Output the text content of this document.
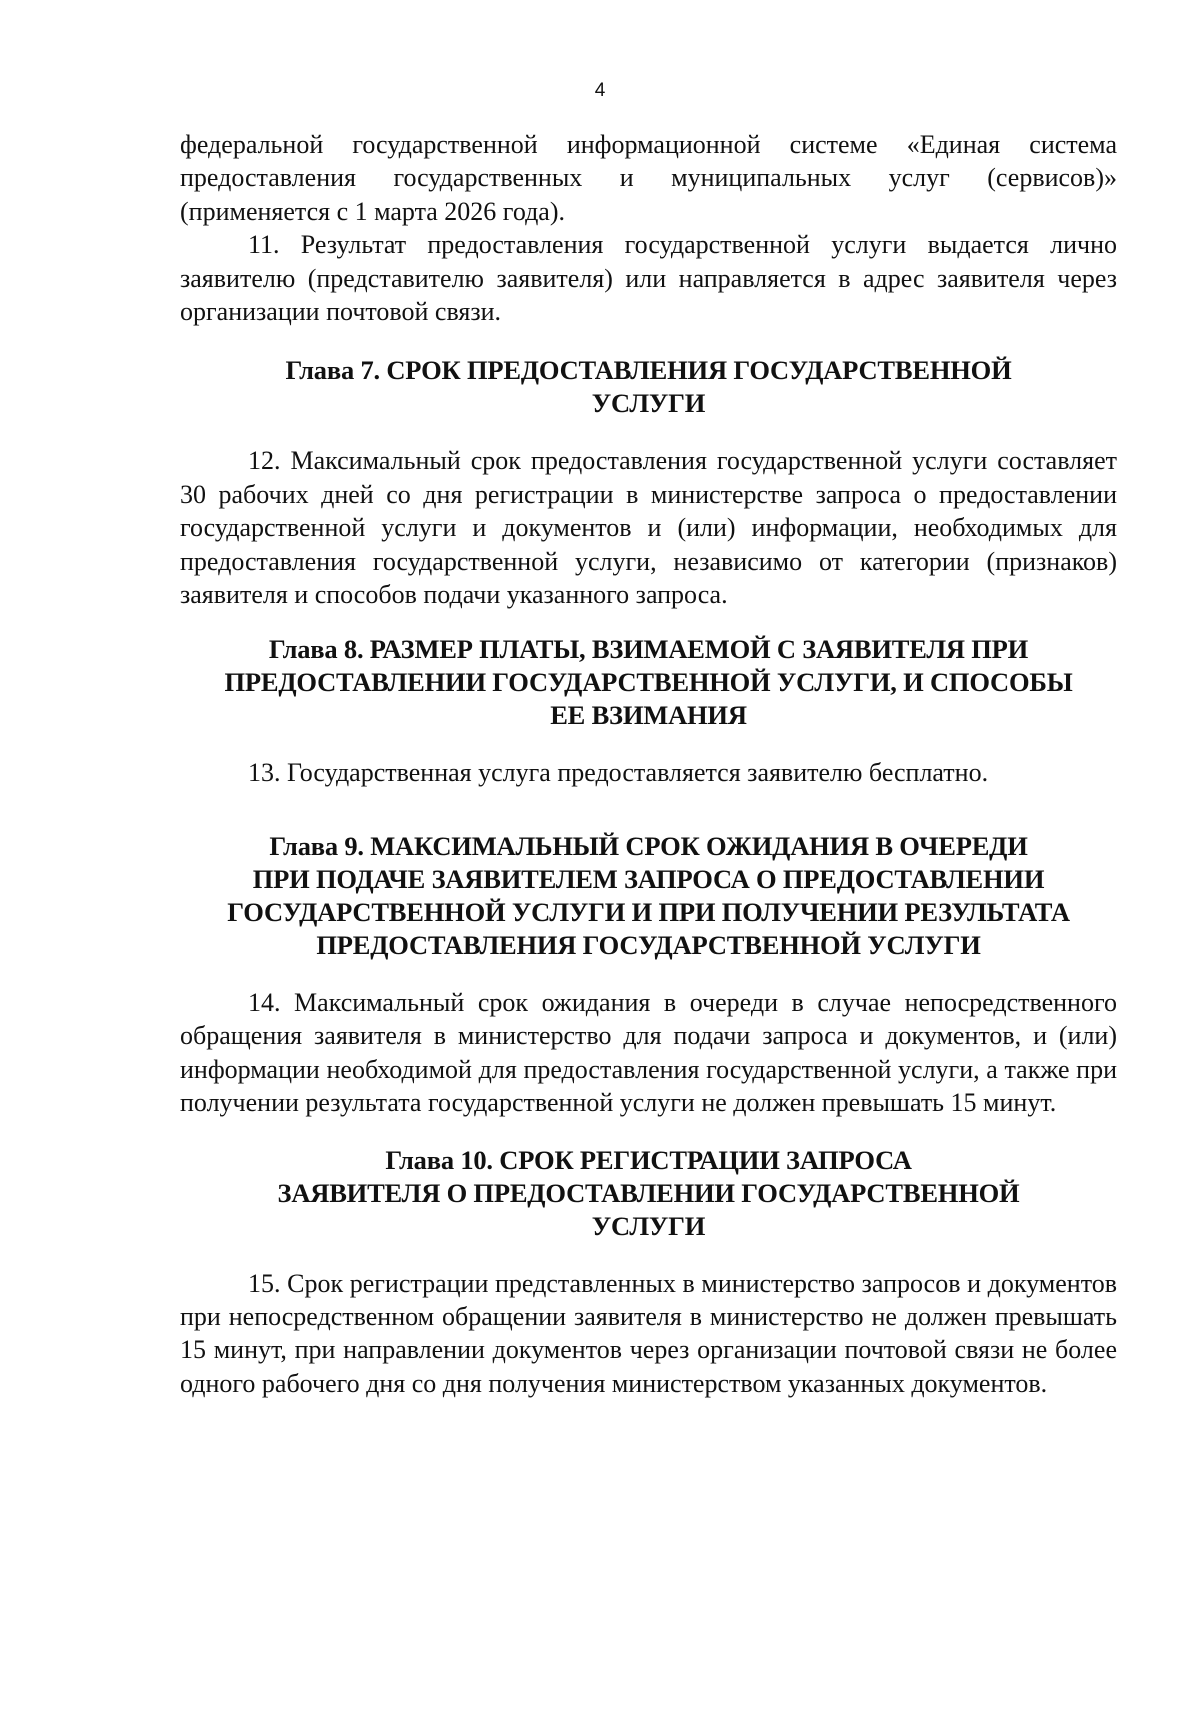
4

федеральной государственной информационной системе «Единая система предоставления государственных и муниципальных услуг (сервисов)» (применяется с 1 марта 2026 года).

11. Результат предоставления государственной услуги выдается лично заявителю (представителю заявителя) или направляется в адрес заявителя через организации почтовой связи.

Глава 7. СРОК ПРЕДОСТАВЛЕНИЯ ГОСУДАРСТВЕННОЙ
УСЛУГИ

12. Максимальный срок предоставления государственной услуги составляет 30 рабочих дней со дня регистрации в министерстве запроса о предоставлении государственной услуги и документов и (или) информации, необходимых для предоставления государственной услуги, независимо от категории (признаков) заявителя и способов подачи указанного запроса.

Глава 8. РАЗМЕР ПЛАТЫ, ВЗИМАЕМОЙ С ЗАЯВИТЕЛЯ ПРИ
ПРЕДОСТАВЛЕНИИ ГОСУДАРСТВЕННОЙ УСЛУГИ, И СПОСОБЫ
ЕЕ ВЗИМАНИЯ

13. Государственная услуга предоставляется заявителю бесплатно.

Глава 9. МАКСИМАЛЬНЫЙ СРОК ОЖИДАНИЯ В ОЧЕРЕДИ
ПРИ ПОДАЧЕ ЗАЯВИТЕЛЕМ ЗАПРОСА О ПРЕДОСТАВЛЕНИИ
ГОСУДАРСТВЕННОЙ УСЛУГИ И ПРИ ПОЛУЧЕНИИ РЕЗУЛЬТАТА
ПРЕДОСТАВЛЕНИЯ ГОСУДАРСТВЕННОЙ УСЛУГИ

14. Максимальный срок ожидания в очереди в случае непосредственного обращения заявителя в министерство для подачи запроса и документов, и (или) информации необходимой для предоставления государственной услуги, а также при получении результата государственной услуги не должен превышать 15 минут.

Глава 10. СРОК РЕГИСТРАЦИИ ЗАПРОСА
ЗАЯВИТЕЛЯ О ПРЕДОСТАВЛЕНИИ ГОСУДАРСТВЕННОЙ
УСЛУГИ

15. Срок регистрации представленных в министерство запросов и документов при непосредственном обращении заявителя в министерство не должен превышать 15 минут, при направлении документов через организации почтовой связи не более одного рабочего дня со дня получения министерством указанных документов.
